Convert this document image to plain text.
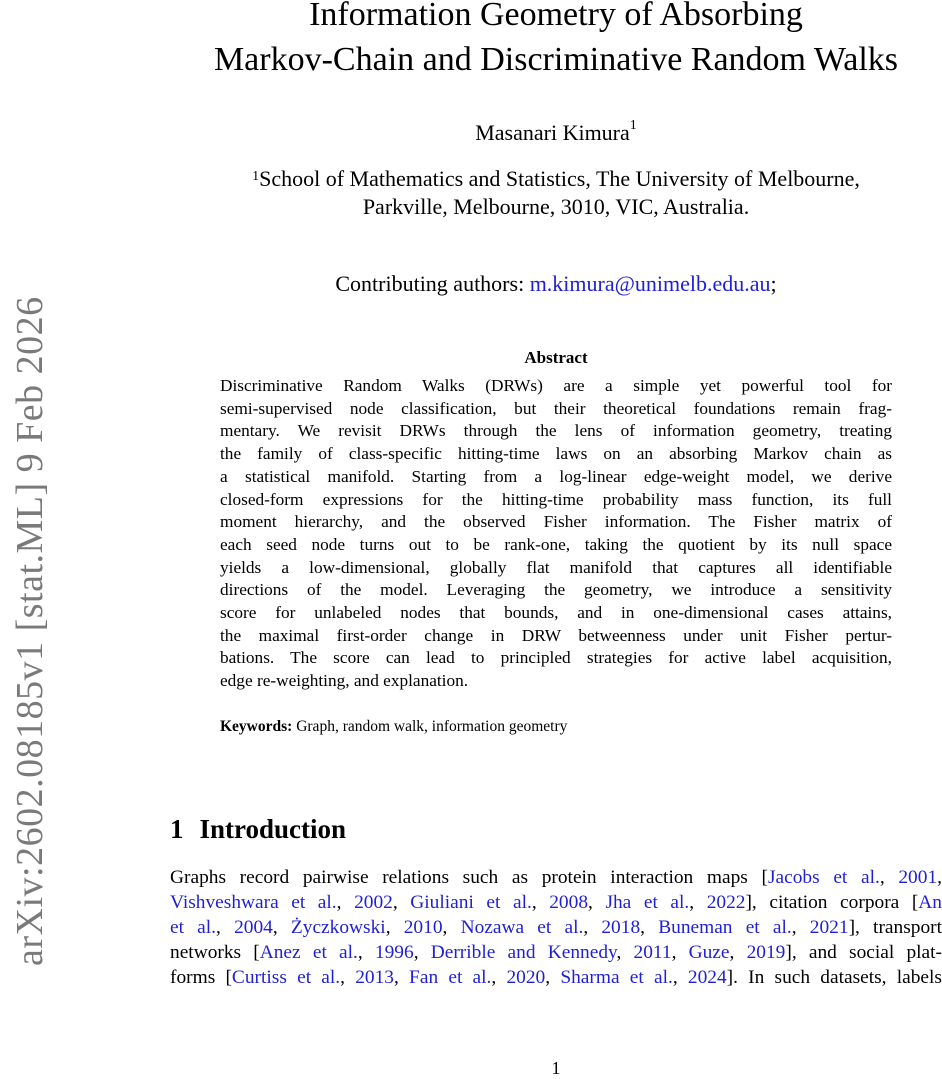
arXiv:2602.08185v1 [stat.ML] 9 Feb 2026
Information Geometry of Absorbing
Markov-Chain and Discriminative Random Walks
Masanari Kimura$^1$
$^1$School of Mathematics and Statistics, The University of Melbourne,
Parkville, Melbourne, 3010, VIC, Australia.
Contributing authors: m.kimura@unimelb.edu.au;
Abstract
Discriminative Random Walks (DRWs) are a simple yet powerful tool for
semi-supervised node classification, but their theoretical foundations remain frag-
mentary. We revisit DRWs through the lens of information geometry, treating
the family of class-specific hitting-time laws on an absorbing Markov chain as
a statistical manifold. Starting from a log-linear edge-weight model, we derive
closed-form expressions for the hitting-time probability mass function, its full
moment hierarchy, and the observed Fisher information. The Fisher matrix of
each seed node turns out to be rank-one, taking the quotient by its null space
yields a low-dimensional, globally flat manifold that captures all identifiable
directions of the model. Leveraging the geometry, we introduce a sensitivity
score for unlabeled nodes that bounds, and in one-dimensional cases attains,
the maximal first-order change in DRW betweenness under unit Fisher pertur-
bations. The score can lead to principled strategies for active label acquisition,
edge re-weighting, and explanation.
Keywords: Graph, random walk, information geometry
1 Introduction
Graphs record pairwise relations such as protein interaction maps [Jacobs et al., 2001,
Vishveshwara et al., 2002, Giuliani et al., 2008, Jha et al., 2022], citation corpora [An
et al., 2004, Życzkowski, 2010, Nozawa et al., 2018, Buneman et al., 2021], transport
networks [Anez et al., 1996, Derrible and Kennedy, 2011, Guze, 2019], and social plat-
forms [Curtiss et al., 2013, Fan et al., 2020, Sharma et al., 2024]. In such datasets, labels
1
